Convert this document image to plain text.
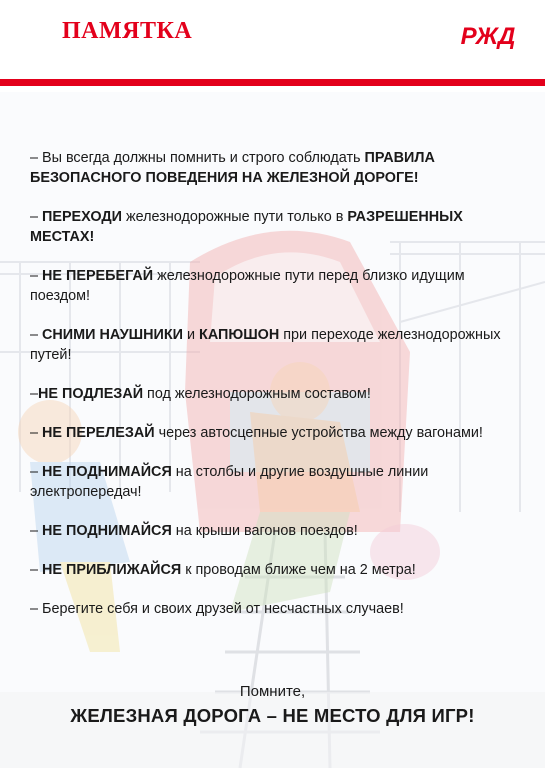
ПАМЯТКА	РЖД
– Вы всегда должны помнить и строго соблюдать ПРАВИЛА БЕЗОПАСНОГО ПОВЕДЕНИЯ НА ЖЕЛЕЗНОЙ ДОРОГЕ!
– ПЕРЕХОДИ железнодорожные пути только в РАЗРЕШЕННЫХ МЕСТАХ!
– НЕ ПЕРЕБЕГАЙ железнодорожные пути перед близко идущим поездом!
– СНИМИ НАУШНИКИ и КАПЮШОН при переходе железнодорожных путей!
–НЕ ПОДЛЕЗАЙ под железнодорожным составом!
– НЕ ПЕРЕЛЕЗАЙ через автосцепные устройства между вагонами!
– НЕ ПОДНИМАЙСЯ на столбы и другие воздушные линии электропередач!
– НЕ ПОДНИМАЙСЯ на крыши вагонов поездов!
– НЕ ПРИБЛИЖАЙСЯ к проводам ближе чем на 2 метра!
– Берегите себя и своих друзей от несчастных случаев!
Помните,
ЖЕЛЕЗНАЯ ДОРОГА – НЕ МЕСТО ДЛЯ ИГР!
